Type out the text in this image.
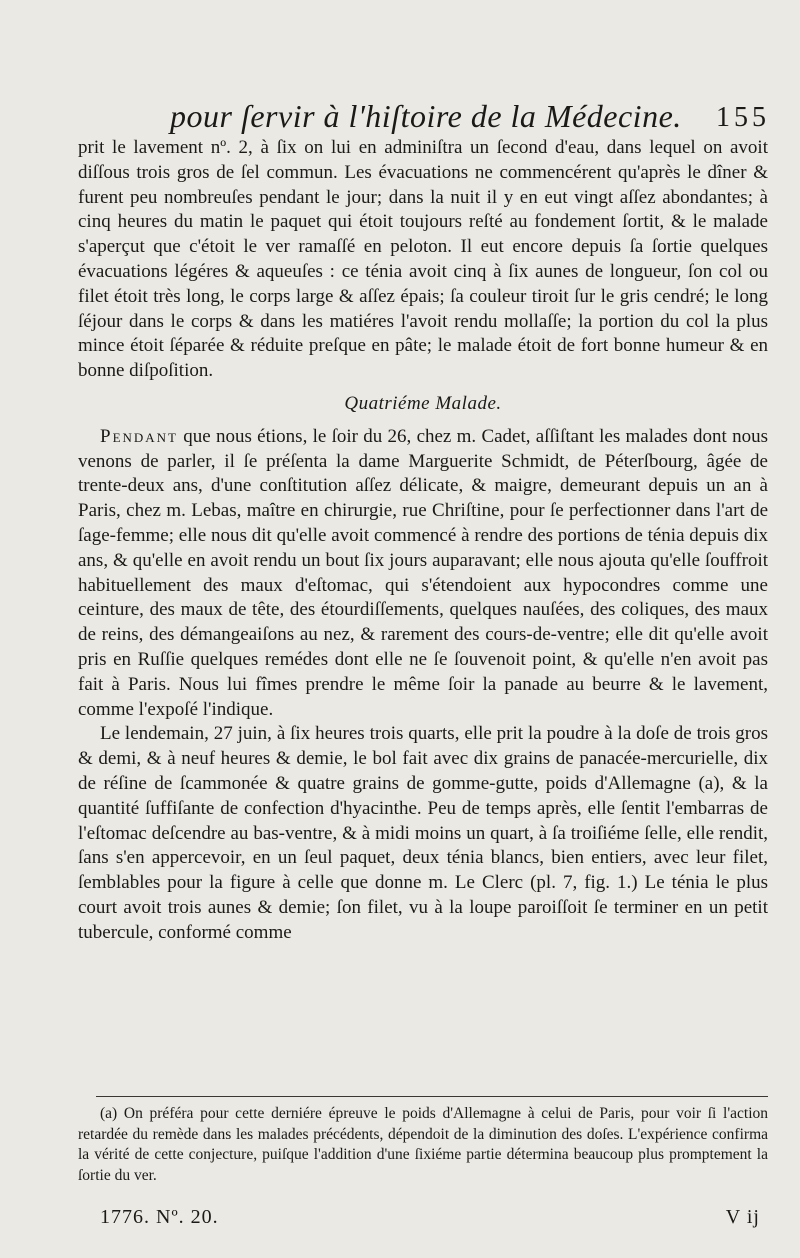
pour ſervir à l'hiſtoire de la Médecine. 155

prit le lavement nº. 2, à ſix on lui en adminiſtra un ſecond d'eau, dans lequel on avoit diſſous trois gros de ſel commun. Les évacuations ne commencérent qu'après le dîner & furent peu nombreuſes pendant le jour; dans la nuit il y en eut vingt aſſez abondantes; à cinq heures du matin le paquet qui étoit toujours reſté au fondement ſortit, & le malade s'aperçut que c'étoit le ver ramaſſé en peloton. Il eut encore depuis ſa ſortie quelques évacuations légéres & aqueuſes : ce ténia avoit cinq à ſix aunes de longueur, ſon col ou filet étoit très long, le corps large & aſſez épais; ſa couleur tiroit ſur le gris cendré; le long ſéjour dans le corps & dans les matiéres l'avoit rendu mollaſſe; la portion du col la plus mince étoit ſéparée & réduite preſque en pâte; le malade étoit de fort bonne humeur & en bonne diſpoſition.

Quatriéme Malade.

Pendant que nous étions, le ſoir du 26, chez m. Cadet, aſſiſtant les malades dont nous venons de parler, il ſe préſenta la dame Marguerite Schmidt, de Péterſbourg, âgée de trente-deux ans, d'une conſtitution aſſez délicate, & maigre, demeurant depuis un an à Paris, chez m. Lebas, maître en chirurgie, rue Chriſtine, pour ſe perfectionner dans l'art de ſage-femme; elle nous dit qu'elle avoit commencé à rendre des portions de ténia depuis dix ans, & qu'elle en avoit rendu un bout ſix jours auparavant; elle nous ajouta qu'elle ſouffroit habituellement des maux d'eſtomac, qui s'étendoient aux hypocondres comme une ceinture, des maux de tête, des étourdiſſements, quelques nauſées, des coliques, des maux de reins, des démangeaiſons au nez, & rarement des cours-de-ventre; elle dit qu'elle avoit pris en Ruſſie quelques remédes dont elle ne ſe ſouvenoit point, & qu'elle n'en avoit pas fait à Paris. Nous lui fîmes prendre le même ſoir la panade au beurre & le lavement, comme l'expoſé l'indique.

Le lendemain, 27 juin, à ſix heures trois quarts, elle prit la poudre à la doſe de trois gros & demi, & à neuf heures & demie, le bol fait avec dix grains de panacée-mercurielle, dix de réſine de ſcammonée & quatre grains de gomme-gutte, poids d'Allemagne (a), & la quantité ſuffiſante de confection d'hyacinthe. Peu de temps après, elle ſentit l'embarras de l'eſtomac deſcendre au bas-ventre, & à midi moins un quart, à ſa troiſiéme ſelle, elle rendit, ſans s'en appercevoir, en un ſeul paquet, deux ténia blancs, bien entiers, avec leur filet, ſemblables pour la figure à celle que donne m. Le Clerc (pl. 7, fig. 1.) Le ténia le plus court avoit trois aunes & demie; ſon filet, vu à la loupe paroiſſoit ſe terminer en un petit tubercule, conformé comme

(a) On préféra pour cette derniére épreuve le poids d'Allemagne à celui de Paris, pour voir ſi l'action retardée du remède dans les malades précédents, dépendoit de la diminution des doſes. L'expérience confirma la vérité de cette conjecture, puiſque l'addition d'une ſixiéme partie détermina beaucoup plus promptement la ſortie du ver.

1776. Nº. 20.	V ij
